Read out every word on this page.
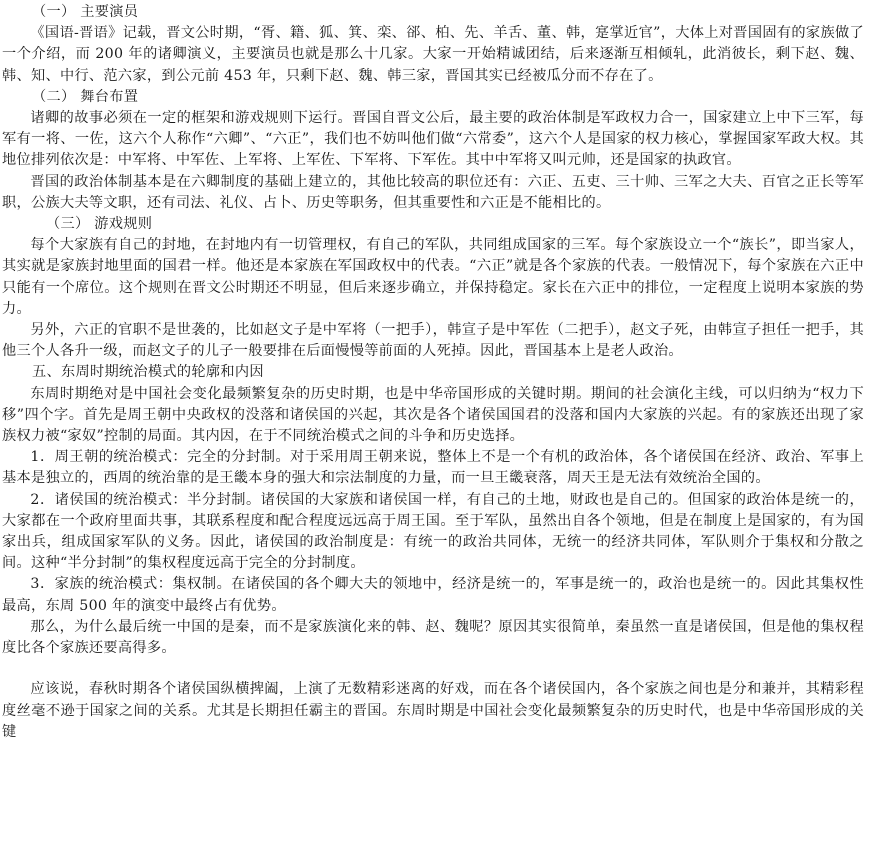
（一） 主要演员

《国语-晋语》记载，晋文公时期，“胥、籍、狐、箕、栾、郤、柏、先、羊舌、董、韩，寔掌近官”，大体上对晋国固有的家族做了一个介绍，而 200 年的诸卿演义，主要演员也就是那么十几家。大家一开始精诚团结，后来逐渐互相倾轧，此消彼长，剩下赵、魏、韩、知、中行、范六家，到公元前 453 年，只剩下赵、魏、韩三家，晋国其实已经被瓜分而不存在了。

（二） 舞台布置

诸卿的故事必须在一定的框架和游戏规则下运行。晋国自晋文公后，最主要的政治体制是军政权力合一，国家建立上中下三军，每军有一将、一佐，这六个人称作“六卿”、“六正”，我们也不妨叫他们做“六常委”，这六个人是国家的权力核心，掌握国家军政大权。其地位排列依次是：中军将、中军佐、上军将、上军佐、下军将、下军佐。其中中军将又叫元帅，还是国家的执政官。

晋国的政治体制基本是在六卿制度的基础上建立的，其他比较高的职位还有：六正、五吏、三十帅、三军之大夫、百官之正长等军职，公族大夫等文职，还有司法、礼仪、占卜、历史等职务，但其重要性和六正是不能相比的。

（三） 游戏规则

每个大家族有自己的封地，在封地内有一切管理权，有自己的军队，共同组成国家的三军。每个家族设立一个“族长”，即当家人，其实就是家族封地里面的国君一样。他还是本家族在军国政权中的代表。“六正”就是各个家族的代表。一般情况下，每个家族在六正中只能有一个席位。这个规则在晋文公时期还不明显，但后来逐步确立，并保持稳定。家长在六正中的排位，一定程度上说明本家族的势力。

另外，六正的官职不是世袭的，比如赵文子是中军将（一把手），韩宣子是中军佐（二把手），赵文子死，由韩宣子担任一把手，其他三个人各升一级，而赵文子的儿子一般要排在后面慢慢等前面的人死掉。因此，晋国基本上是老人政治。

五、东周时期统治模式的轮廓和内因

东周时期绝对是中国社会变化最频繁复杂的历史时期，也是中华帝国形成的关键时期。期间的社会演化主线，可以归纳为“权力下移”四个字。首先是周王朝中央政权的没落和诸侯国的兴起，其次是各个诸侯国国君的没落和国内大家族的兴起。有的家族还出现了家族权力被“家奴”控制的局面。其内因，在于不同统治模式之间的斗争和历史选择。

1．周王朝的统治模式：完全的分封制。对于采用周王朝来说，整体上不是一个有机的政治体，各个诸侯国在经济、政治、军事上基本是独立的，西周的统治靠的是王畿本身的强大和宗法制度的力量，而一旦王畿衰落，周天王是无法有效统治全国的。

2．诸侯国的统治模式：半分封制。诸侯国的大家族和诸侯国一样，有自己的土地，财政也是自己的。但国家的政治体是统一的，大家都在一个政府里面共事，其联系程度和配合程度远远高于周王国。至于军队，虽然出自各个领地，但是在制度上是国家的，有为国家出兵，组成国家军队的义务。因此，诸侯国的政治制度是：有统一的政治共同体，无统一的经济共同体，军队则介于集权和分散之间。这种“半分封制”的集权程度远高于完全的分封制度。

3．家族的统治模式：集权制。在诸侯国的各个卿大夫的领地中，经济是统一的，军事是统一的，政治也是统一的。因此其集权性最高，东周 500 年的演变中最终占有优势。

那么，为什么最后统一中国的是秦，而不是家族演化来的韩、赵、魏呢？原因其实很简单，秦虽然一直是诸侯国，但是他的集权程度比各个家族还要高得多。

应该说，春秋时期各个诸侯国纵横捭阖，上演了无数精彩迷离的好戏，而在各个诸侯国内，各个家族之间也是分和兼并，其精彩程度丝毫不逊于国家之间的关系。尤其是长期担任霸主的晋国。东周时期是中国社会变化最频繁复杂的历史时代，也是中华帝国形成的关键
